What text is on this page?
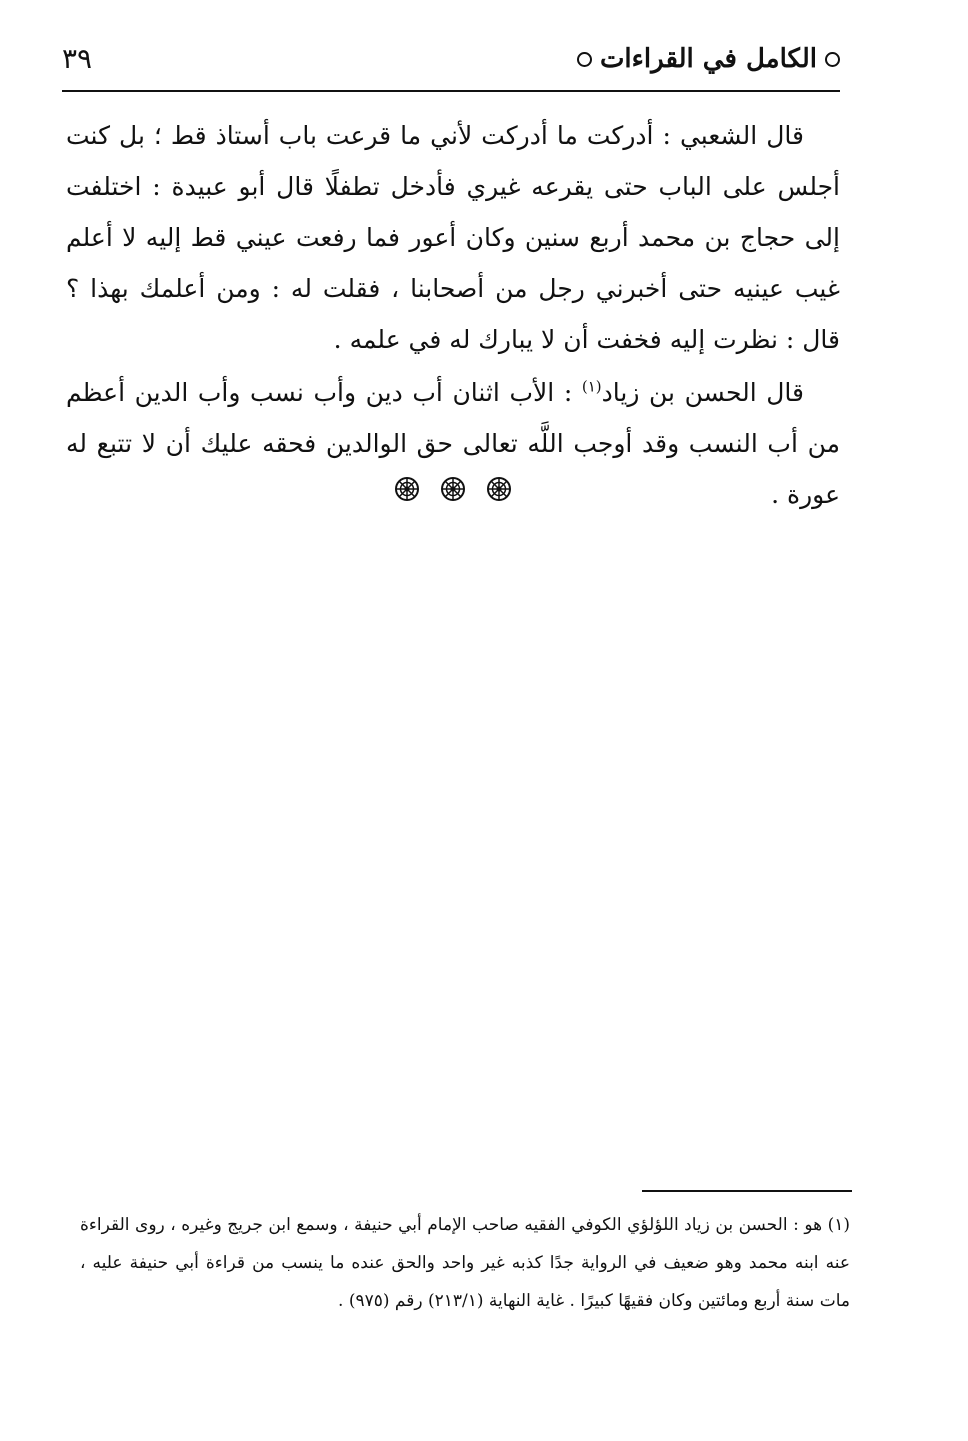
الكامل في القراءات
٣٩

قال الشعبي : أدركت ما أدركت لأني ما قرعت باب أستاذ قط ؛ بل كنت أجلس على الباب حتى يقرعه غيري فأدخل تطفلًا قال أبو عبيدة : اختلفت إلى حجاج بن محمد أربع سنين وكان أعور فما رفعت عيني قط إليه لا أعلم غيب عينيه حتى أخبرني رجل من أصحابنا ، فقلت له : ومن أعلمك بهذا ؟ قال : نظرت إليه فخفت أن لا يبارك له في علمه .

قال الحسن بن زياد$^{(١)}$ : الأب اثنان أب دين وأب نسب وأب الدين أعظم من أب النسب وقد أوجب اللَّه تعالى حق الوالدين فحقه عليك أن لا تتبع له عورة .

(١) هو : الحسن بن زياد اللؤلؤي الكوفي الفقيه صاحب الإمام أبي حنيفة ، وسمع ابن جريج وغيره ، روى القراءة عنه ابنه محمد وهو ضعيف في الرواية جدًا كذبه غير واحد والحق عنده ما ينسب من قراءة أبي حنيفة عليه ، مات سنة أربع ومائتين وكان فقيهًا كبيرًا . غاية النهاية (٢١٣/١) رقم (٩٧٥) .
